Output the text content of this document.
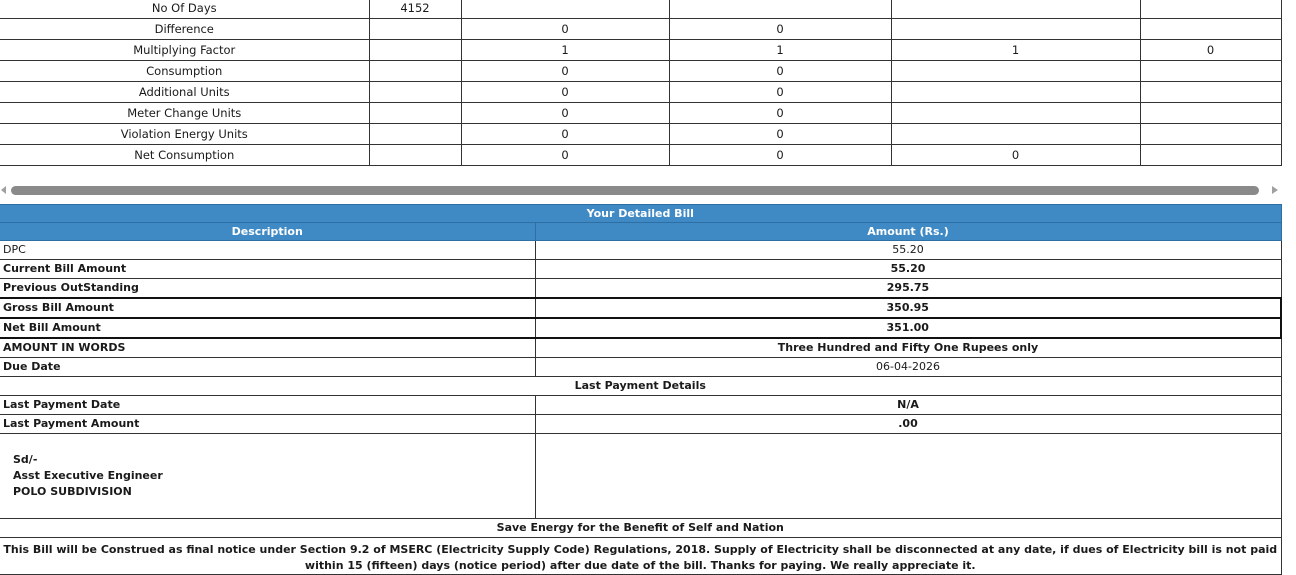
No Of Days	4152				
Difference		0	0		
Multiplying Factor		1	1	1	0
Consumption		0	0		
Additional Units		0	0		
Meter Change Units		0	0		
Violation Energy Units		0	0		
Net Consumption		0	0	0	
Your Detailed Bill	
Description	Amount (Rs.)
DPC	55.20
Current Bill Amount	55.20
Previous OutStanding	295.75
Gross Bill Amount	350.95
Net Bill Amount	351.00
AMOUNT IN WORDS	Three Hundred and Fifty One Rupees only
Due Date	06-04-2026
Last Payment Details	
Last Payment Date	N/A
Last Payment Amount	.00

Sd/-
Asst Executive Engineer
POLO SUBDIVISION	

Save Energy for the Benefit of Self and Nation	
This Bill will be Construed as final notice under Section 9.2 of MSERC (Electricity Supply Code) Regulations, 2018. Supply of Electricity shall be disconnected at any date, if dues of Electricity bill is not paid within 15 (fifteen) days (notice period) after due date of the bill. Thanks for paying. We really appreciate it.	
